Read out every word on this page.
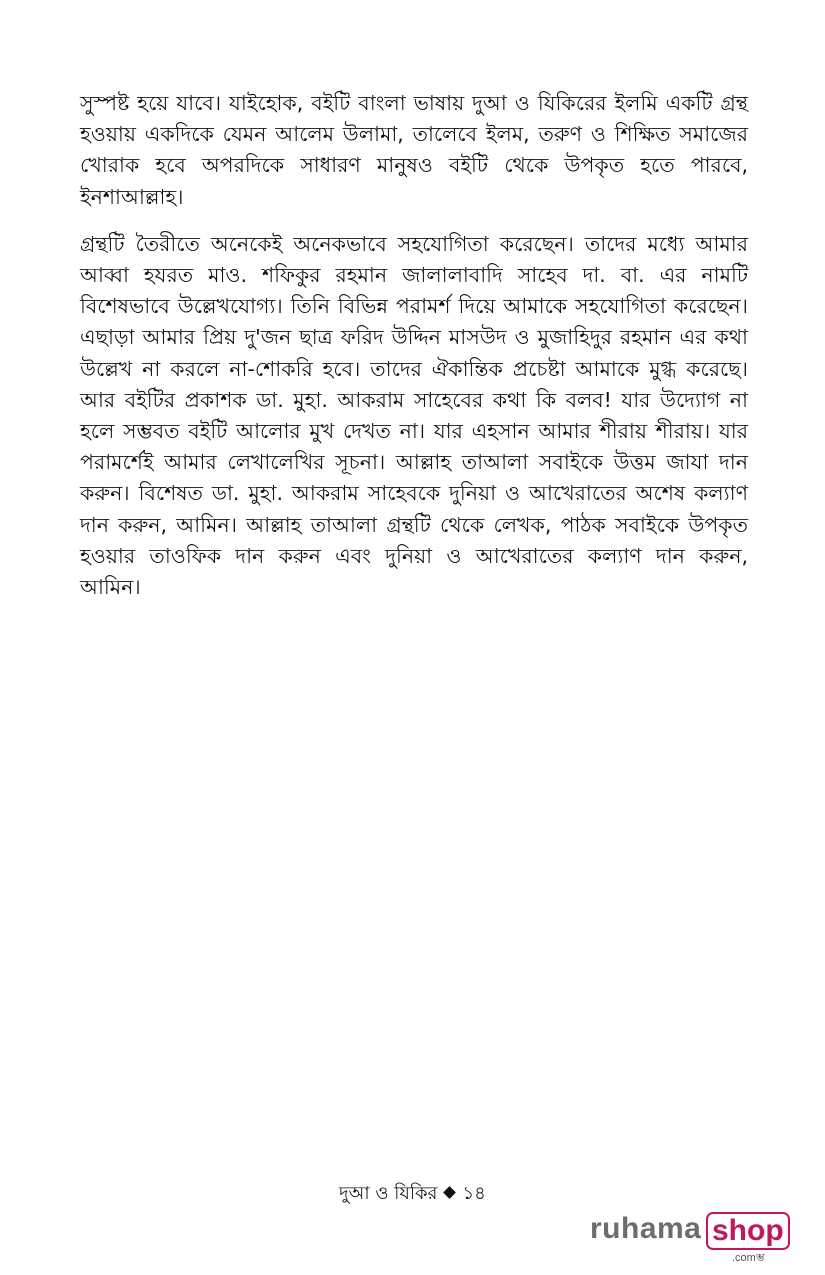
সুস্পষ্ট হয়ে যাবে। যাইহোক, বইটি বাংলা ভাষায় দুআ ও যিকিরের ইলমি একটি গ্রন্থ হওয়ায় একদিকে যেমন আলেম উলামা, তালেবে ইলম, তরুণ ও শিক্ষিত সমাজের খোরাক হবে অপরদিকে সাধারণ মানুষও বইটি থেকে উপকৃত হতে পারবে, ইনশাআল্লাহ।

গ্রন্থটি তৈরীতে অনেকেই অনেকভাবে সহযোগিতা করেছেন। তাদের মধ্যে আমার আব্বা হযরত মাও. শফিকুর রহমান জালালাবাদি সাহেব দা. বা. এর নামটি বিশেষভাবে উল্লেখযোগ্য। তিনি বিভিন্ন পরামর্শ দিয়ে আমাকে সহযোগিতা করেছেন। এছাড়া আমার প্রিয় দু'জন ছাত্র ফরিদ উদ্দিন মাসউদ ও মুজাহিদুর রহমান এর কথা উল্লেখ না করলে না-শোকরি হবে। তাদের ঐকান্তিক প্রচেষ্টা আমাকে মুগ্ধ করেছে। আর বইটির প্রকাশক ডা. মুহা. আকরাম সাহেবের কথা কি বলব! যার উদ্যোগ না হলে সম্ভবত বইটি আলোর মুখ দেখত না। যার এহসান আমার শীরায় শীরায়। যার পরামর্শেই আমার লেখালেখির সূচনা। আল্লাহ তাআলা সবাইকে উত্তম জাযা দান করুন। বিশেষত ডা. মুহা. আকরাম সাহেবকে দুনিয়া ও আখেরাতের অশেষ কল্যাণ দান করুন, আমিন। আল্লাহ তাআলা গ্রন্থটি থেকে লেখক, পাঠক সবাইকে উপকৃত হওয়ার তাওফিক দান করুন এবং দুনিয়া ও আখেরাতের কল্যাণ দান করুন, আমিন।

দুআ ও যিকির ১৪
ruhama shop
.comম্ভ
